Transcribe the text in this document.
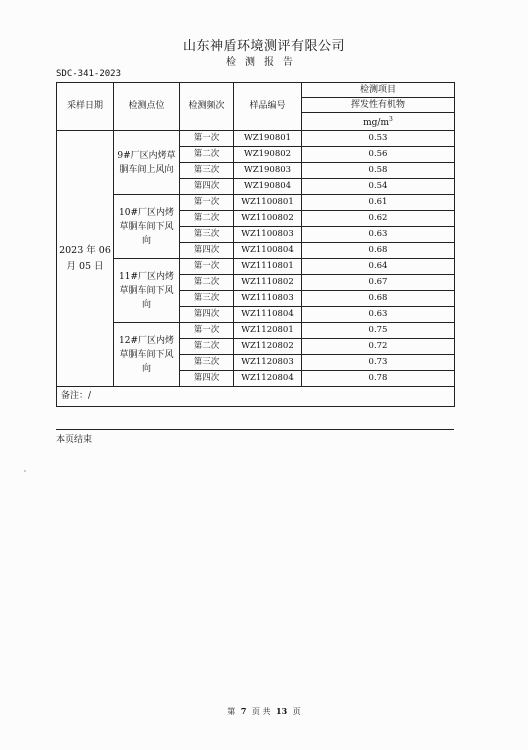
山东神盾环境测评有限公司
检测报告
SDC-341-2023
采样日期	检测点位	检测频次	样品编号	检测项目
				挥发性有机物
				$mg/m^3$
2023 年 06 月 05 日	9#厂区内烤草胴车间上风向	第一次	WZ190801	0.53
		第二次	WZ190802	0.56
		第三次	WZ190803	0.58
		第四次	WZ190804	0.54
	10#厂区内烤草胴车间下风向	第一次	WZ1100801	0.61
		第二次	WZ1100802	0.62
		第三次	WZ1100803	0.63
		第四次	WZ1100804	0.68
	11#厂区内烤草胴车间下风向	第一次	WZ1110801	0.64
		第二次	WZ1110802	0.67
		第三次	WZ1110803	0.68
		第四次	WZ1110804	0.63
	12#厂区内烤草胴车间下风向	第一次	WZ1120801	0.75
		第二次	WZ1120802	0.72
		第三次	WZ1120803	0.73
		第四次	WZ1120804	0.78
备注：/				
本页结束
第 7 页 共 13 页
